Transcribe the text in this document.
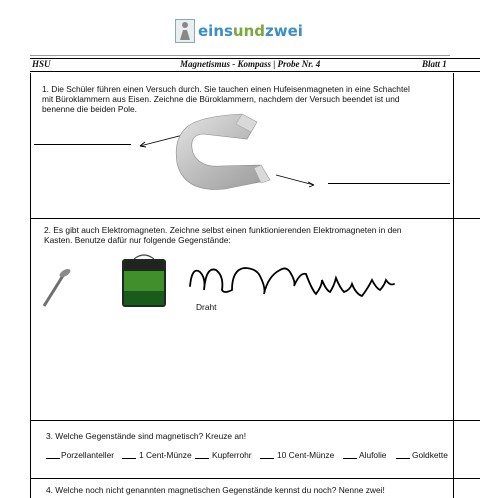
einsundzwei
HSU	Magnetismus - Kompass | Probe Nr. 4	Blatt 1
1. Die Schüler führen einen Versuch durch. Sie tauchen einen Hufeisenmagneten in eine Schachtel
mit Büroklammern aus Eisen. Zeichne die Büroklammern, nachdem der Versuch beendet ist und
benenne die beiden Pole.
2. Es gibt auch Elektromagneten. Zeichne selbst einen funktionierenden Elektromagneten in den
Kasten. Benutze dafür nur folgende Gegenstände:
Draht
3. Welche Gegenstände sind magnetisch? Kreuze an!
Porzellanteller	1 Cent-Münze Kupferrohr	10 Cent-Münze	Alufolie	Goldkette
4. Welche noch nicht genannten magnetischen Gegenstände kennst du noch? Nenne zwei!
